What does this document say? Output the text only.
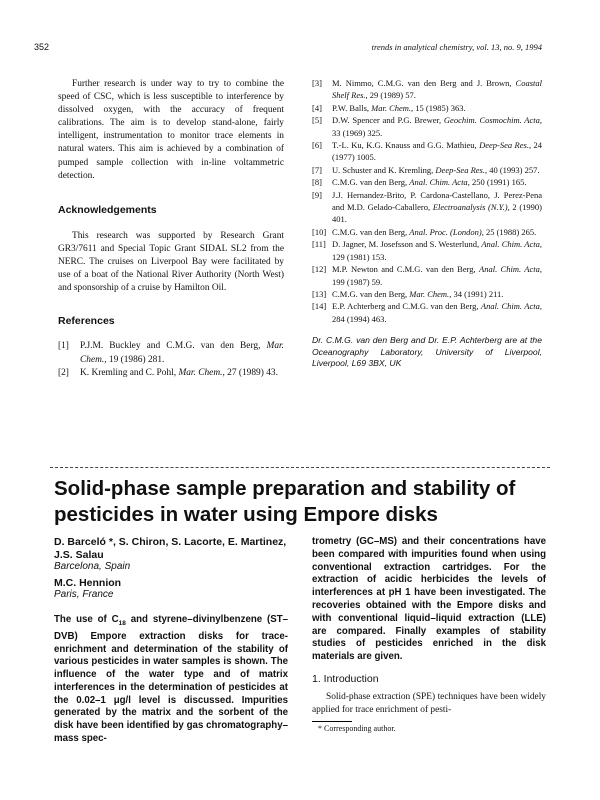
352	trends in analytical chemistry, vol. 13, no. 9, 1994

Further research is under way to try to combine the speed of CSC, which is less susceptible to interference by dissolved oxygen, with the accuracy of frequent calibrations. The aim is to develop stand-alone, fairly intelligent, instrumentation to monitor trace elements in natural waters. This aim is achieved by a combination of pumped sample collection with in-line voltammetric detection.

Acknowledgements

This research was supported by Research Grant GR3/7611 and Special Topic Grant SIDAL SL2 from the NERC. The cruises on Liverpool Bay were facilitated by use of a boat of the National River Authority (North West) and sponsorship of a cruise by Hamilton Oil.

References
[1] P.J.M. Buckley and C.M.G. van den Berg, Mar. Chem., 19 (1986) 281.
[2] K. Kremling and C. Pohl, Mar. Chem., 27 (1989) 43.
[3] M. Nimmo, C.M.G. van den Berg and J. Brown, Coastal Shelf Res., 29 (1989) 57.
[4] P.W. Balls, Mar. Chem., 15 (1985) 363.
[5] D.W. Spencer and P.G. Brewer, Geochim. Cosmochim. Acta, 33 (1969) 325.
[6] T.-L. Ku, K.G. Knauss and G.G. Mathieu, Deep-Sea Res., 24 (1977) 1005.
[7] U. Schuster and K. Kremling, Deep-Sea Res., 40 (1993) 257.
[8] C.M.G. van den Berg, Anal. Chim. Acta, 250 (1991) 165.
[9] J.J. Hernandez-Brito, P. Cardona-Castellano, J. Perez-Pena and M.D. Gelado-Caballero, Electroanalysis (N.Y.), 2 (1990) 401.
[10] C.M.G. van den Berg, Anal. Proc. (London), 25 (1988) 265.
[11] D. Jagner, M. Josefsson and S. Westerlund, Anal. Chim. Acta, 129 (1981) 153.
[12] M.P. Newton and C.M.G. van den Berg, Anal. Chim. Acta, 199 (1987) 59.
[13] C.M.G. van den Berg, Mar. Chem., 34 (1991) 211.
[14] E.P. Achterberg and C.M.G. van den Berg, Anal. Chim. Acta, 284 (1994) 463.

Dr. C.M.G. van den Berg and Dr. E.P. Achterberg are at the Oceanography Laboratory, University of Liverpool, Liverpool, L69 3BX, UK

Solid-phase sample preparation and stability of pesticides in water using Empore disks
D. Barceló *, S. Chiron, S. Lacorte, E. Martinez, J.S. Salau
Barcelona, Spain
M.C. Hennion
Paris, France

The use of $C_{18}$ and styrene–divinylbenzene (ST–DVB) Empore extraction disks for trace-enrichment and determination of the stability of various pesticides in water samples is shown. The influence of the water type and of matrix interferences in the determination of pesticides at the 0.02–1 μg/l level is discussed. Impurities generated by the matrix and the sorbent of the disk have been identified by gas chromatography–mass spec-

trometry (GC–MS) and their concentrations have been compared with impurities found when using conventional extraction cartridges. For the extraction of acidic herbicides the levels of interferences at pH 1 have been investigated. The recoveries obtained with the Empore disks and with conventional liquid–liquid extraction (LLE) are compared. Finally examples of stability studies of pesticides enriched in the disk materials are given.

1. Introduction

Solid-phase extraction (SPE) techniques have been widely applied for trace enrichment of pesti-

* Corresponding author.
